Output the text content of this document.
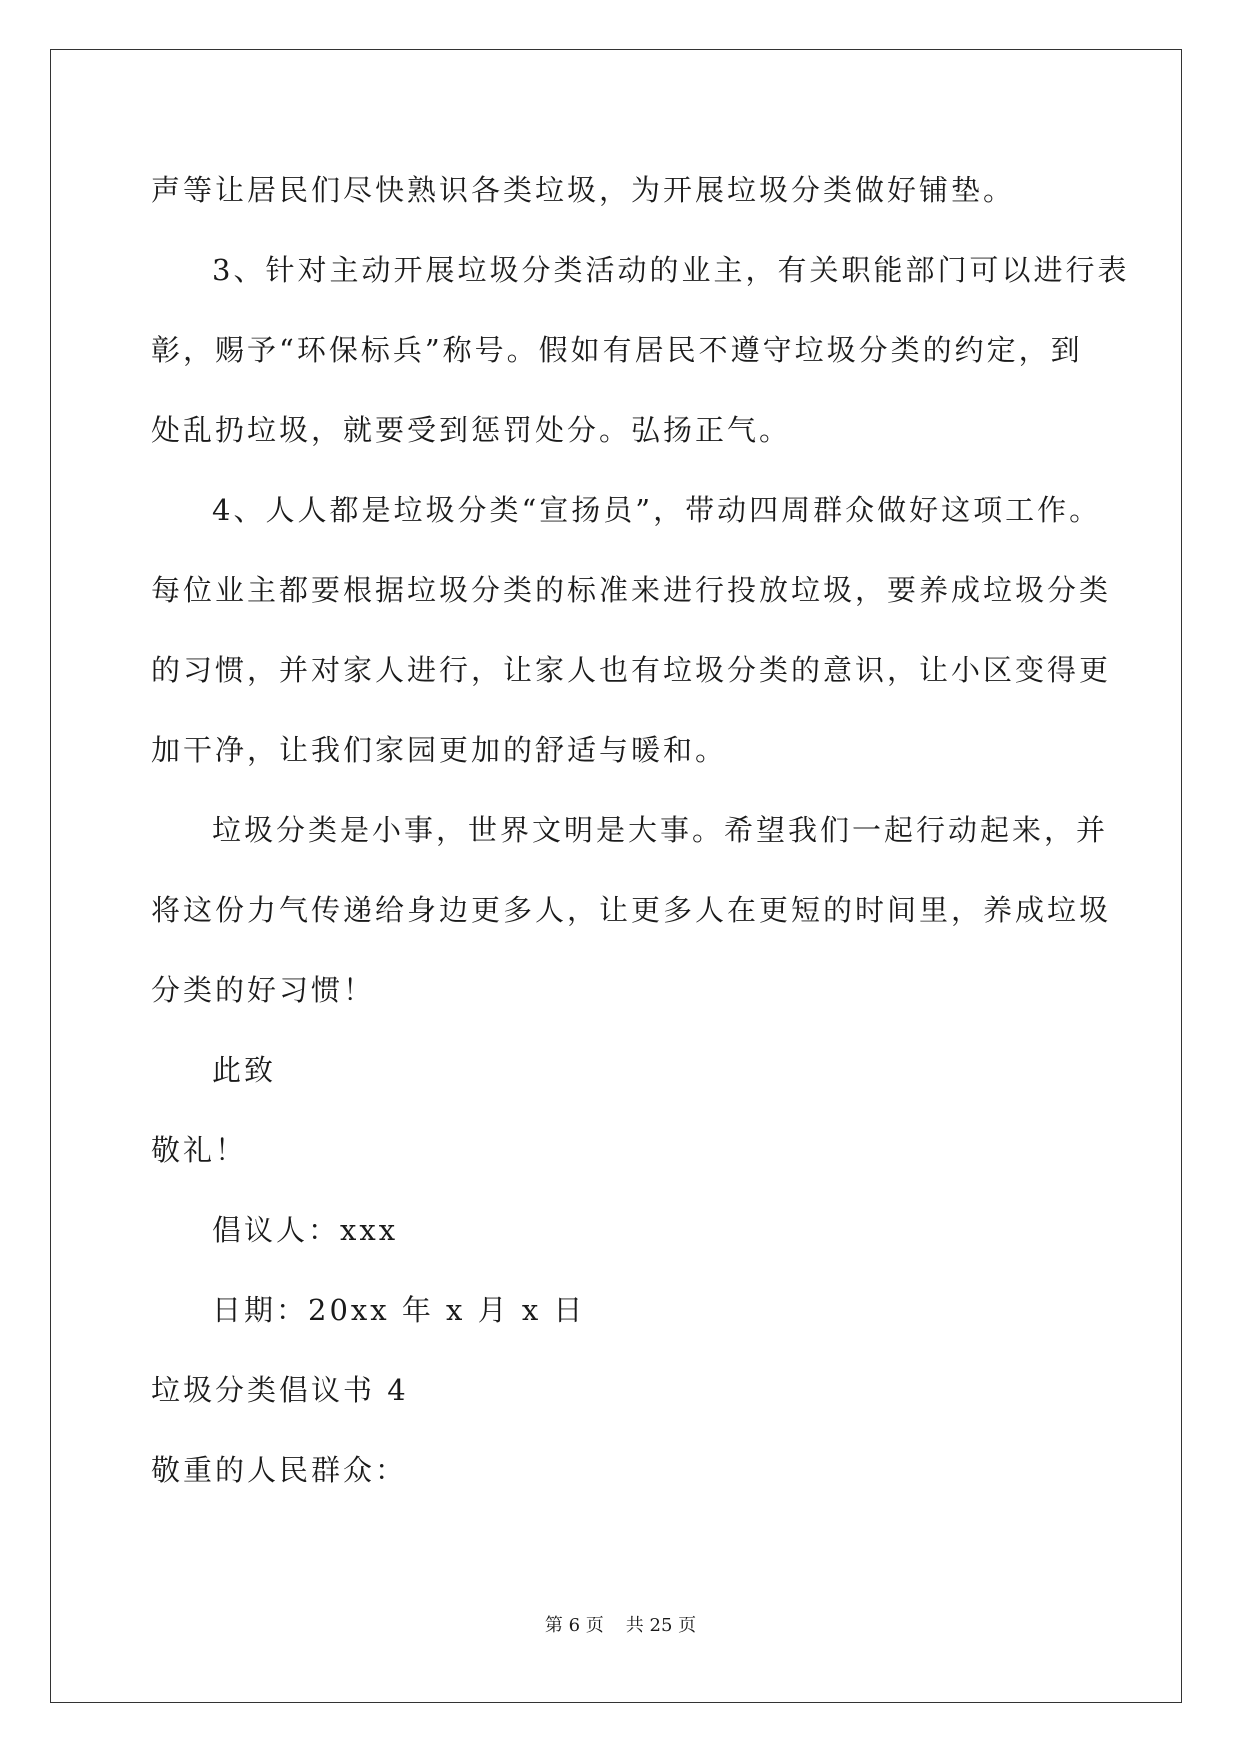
声等让居民们尽快熟识各类垃圾，为开展垃圾分类做好铺垫。
3、针对主动开展垃圾分类活动的业主，有关职能部门可以进行表
彰，赐予“环保标兵”称号。假如有居民不遵守垃圾分类的约定，到
处乱扔垃圾，就要受到惩罚处分。弘扬正气。
4、人人都是垃圾分类“宣扬员”，带动四周群众做好这项工作。
每位业主都要根据垃圾分类的标准来进行投放垃圾，要养成垃圾分类
的习惯，并对家人进行，让家人也有垃圾分类的意识，让小区变得更
加干净，让我们家园更加的舒适与暖和。
垃圾分类是小事，世界文明是大事。希望我们一起行动起来，并
将这份力气传递给身边更多人，让更多人在更短的时间里，养成垃圾
分类的好习惯！
此致
敬礼！
倡议人：xxx
日期：20xx 年 x 月 x 日
垃圾分类倡议书 4
敬重的人民群众：
第 6 页 共 25 页
